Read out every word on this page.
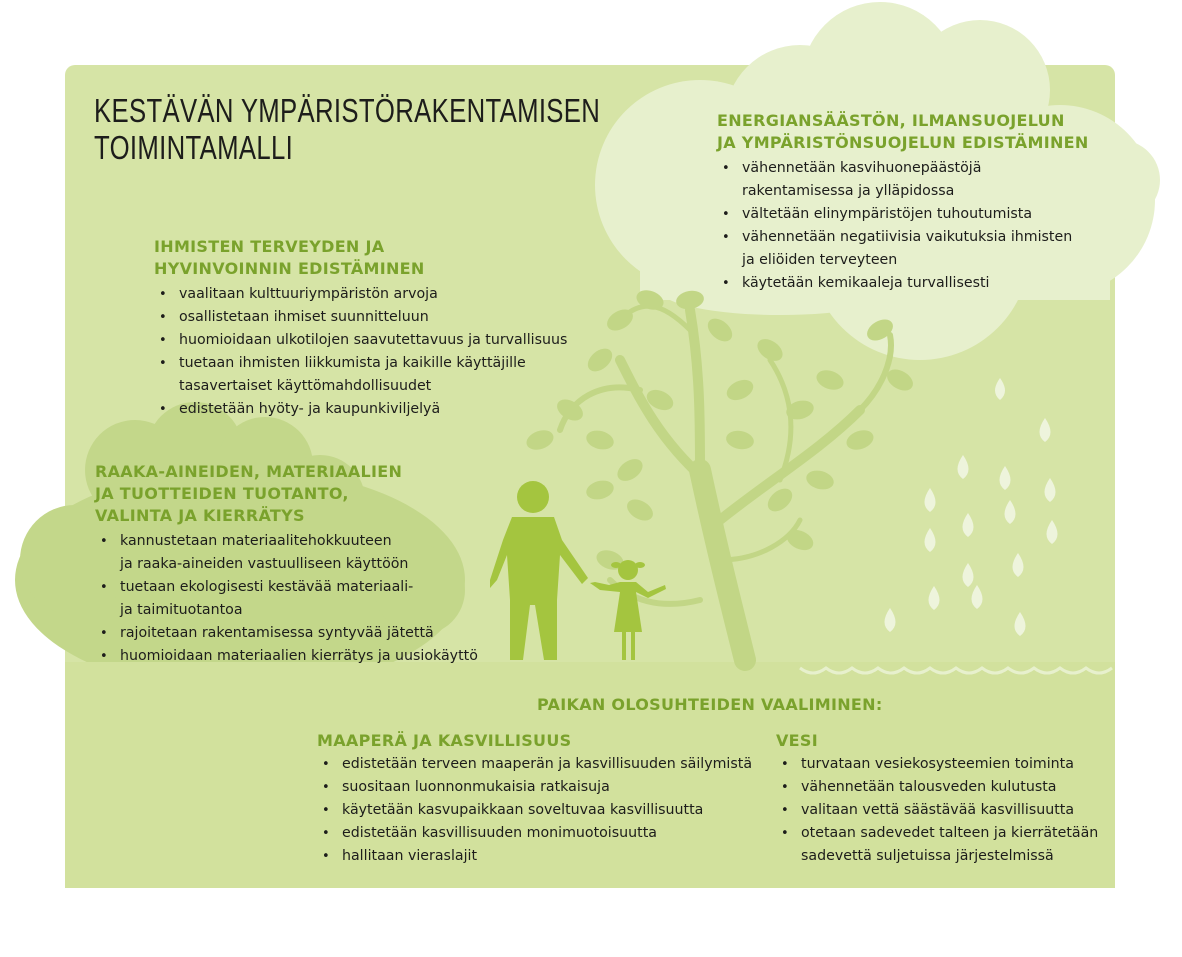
KESTÄVÄN YMPÄRISTÖRAKENTAMISEN
TOIMINTAMALLI
IHMISTEN TERVEYDEN JA
HYVINVOINNIN EDISTÄMINEN
• vaalitaan kulttuuriympäristön arvoja
• osallistetaan ihmiset suunnitteluun
• huomioidaan ulkotilojen saavutettavuus ja turvallisuus
• tuetaan ihmisten liikkumista ja kaikille käyttäjille
tasavertaiset käyttömahdollisuudet
• edistetään hyöty- ja kaupunkiviljelyä
ENERGIANSÄÄSTÖN, ILMANSUOJELUN
JA YMPÄRISTÖNSUOJELUN EDISTÄMINEN
• vähennetään kasvihuonepäästöjä
rakentamisessa ja ylläpidossa
• vältetään elinympäristöjen tuhoutumista
• vähennetään negatiivisia vaikutuksia ihmisten
ja eliöiden terveyteen
• käytetään kemikaaleja turvallisesti
RAAKA-AINEIDEN, MATERIAALIEN
JA TUOTTEIDEN TUOTANTO,
VALINTA JA KIERRÄTYS
• kannustetaan materiaalitehokkuuteen
ja raaka-aineiden vastuulliseen käyttöön
• tuetaan ekologisesti kestävää materiaali-
ja taimituotantoa
• rajoitetaan rakentamisessa syntyvää jätettä
• huomioidaan materiaalien kierrätys ja uusiokäyttö
PAIKAN OLOSUHTEIDEN VAALIMINEN:
MAAPERÄ JA KASVILLISUUS
• edistetään terveen maaperän ja kasvillisuuden säilymistä
• suositaan luonnonmukaisia ratkaisuja
• käytetään kasvupaikkaan soveltuvaa kasvillisuutta
• edistetään kasvillisuuden monimuotoisuutta
• hallitaan vieraslajit
VESI
• turvataan vesiekosysteemien toiminta
• vähennetään talousveden kulutusta
• valitaan vettä säästävää kasvillisuutta
• otetaan sadevedet talteen ja kierrätetään
sadevettä suljetuissa järjestelmissä
